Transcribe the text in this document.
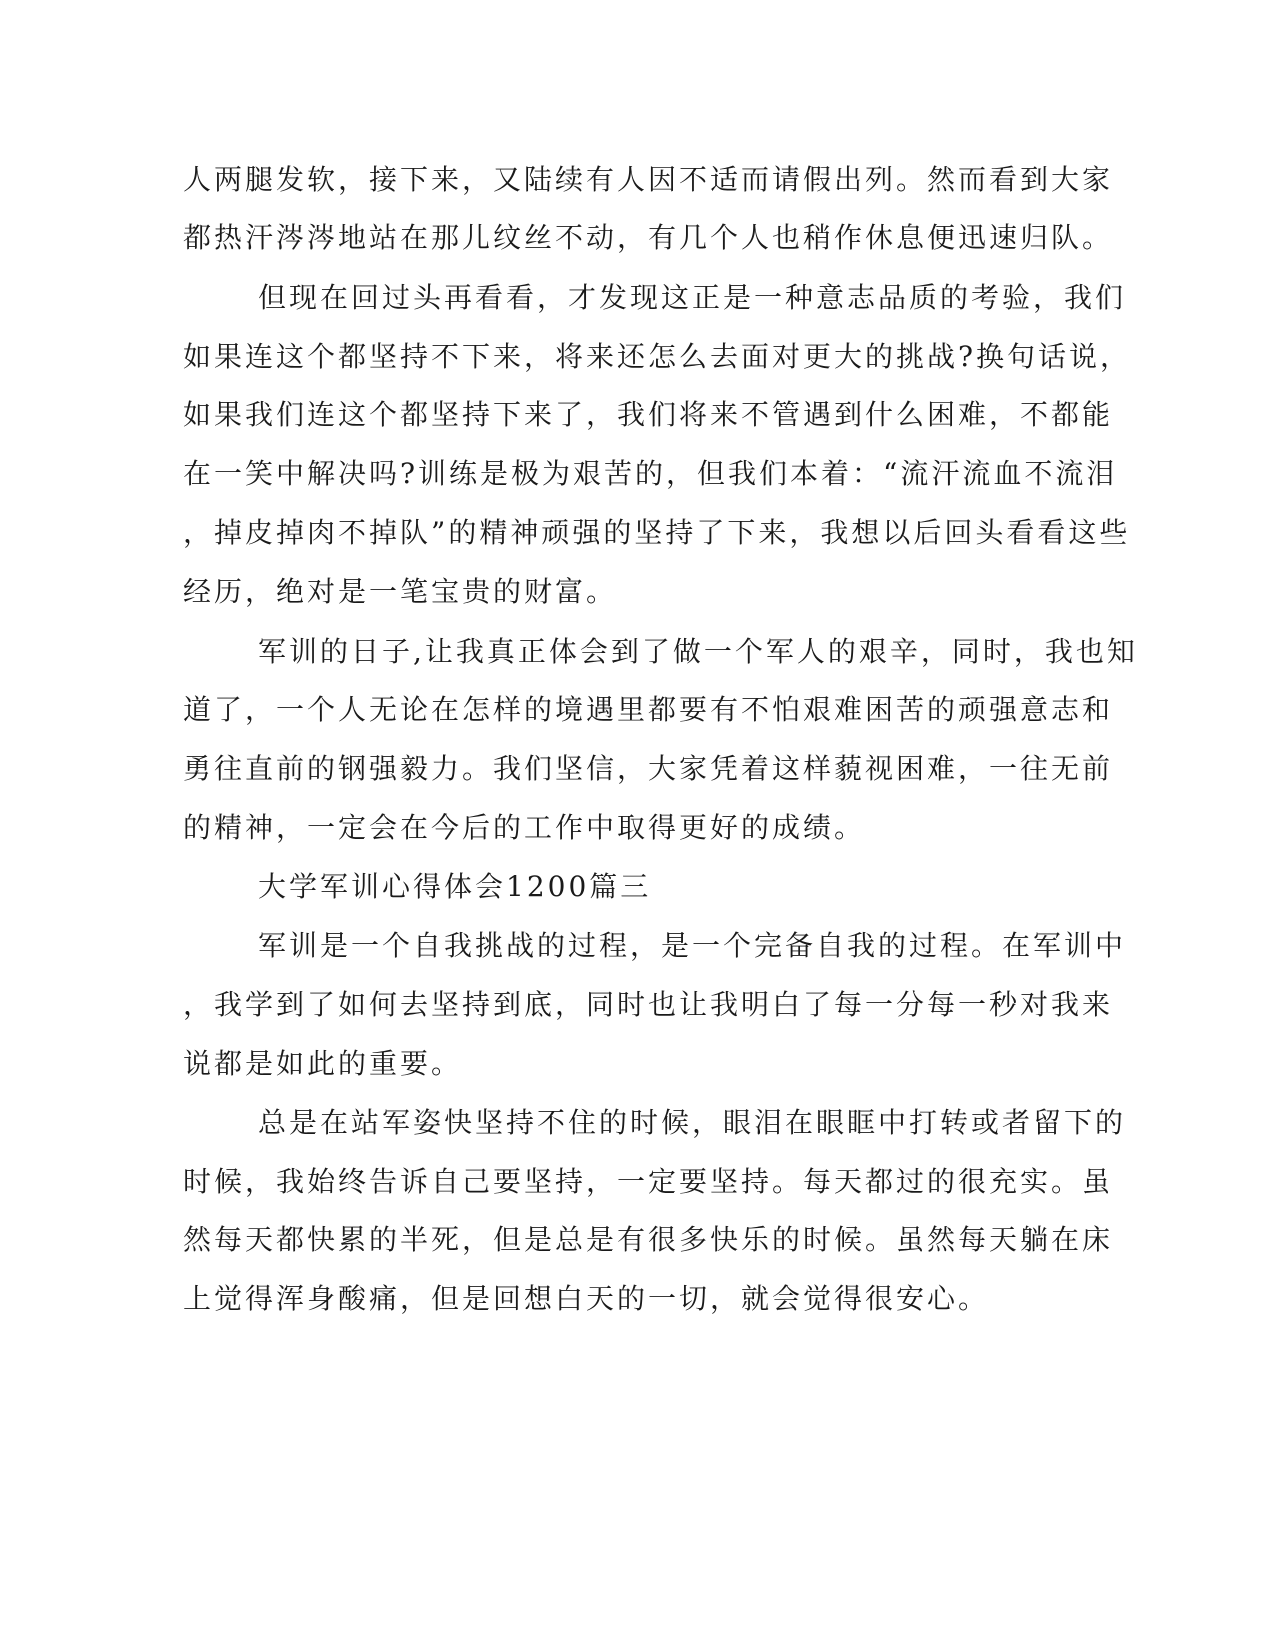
人两腿发软，接下来，又陆续有人因不适而请假出列。然而看到大家

都热汗涔涔地站在那儿纹丝不动，有几个人也稍作休息便迅速归队。

但现在回过头再看看，才发现这正是一种意志品质的考验，我们

如果连这个都坚持不下来，将来还怎么去面对更大的挑战?换句话说，

如果我们连这个都坚持下来了，我们将来不管遇到什么困难，不都能

在一笑中解决吗?训练是极为艰苦的，但我们本着：“流汗流血不流泪

，掉皮掉肉不掉队”的精神顽强的坚持了下来，我想以后回头看看这些

经历，绝对是一笔宝贵的财富。

军训的日子,让我真正体会到了做一个军人的艰辛，同时，我也知

道了，一个人无论在怎样的境遇里都要有不怕艰难困苦的顽强意志和

勇往直前的钢强毅力。我们坚信，大家凭着这样藐视困难，一往无前

的精神，一定会在今后的工作中取得更好的成绩。

大学军训心得体会1200篇三

军训是一个自我挑战的过程，是一个完备自我的过程。在军训中

，我学到了如何去坚持到底，同时也让我明白了每一分每一秒对我来

说都是如此的重要。

总是在站军姿快坚持不住的时候，眼泪在眼眶中打转或者留下的

时候，我始终告诉自己要坚持，一定要坚持。每天都过的很充实。虽

然每天都快累的半死，但是总是有很多快乐的时候。虽然每天躺在床

上觉得浑身酸痛，但是回想白天的一切，就会觉得很安心。
